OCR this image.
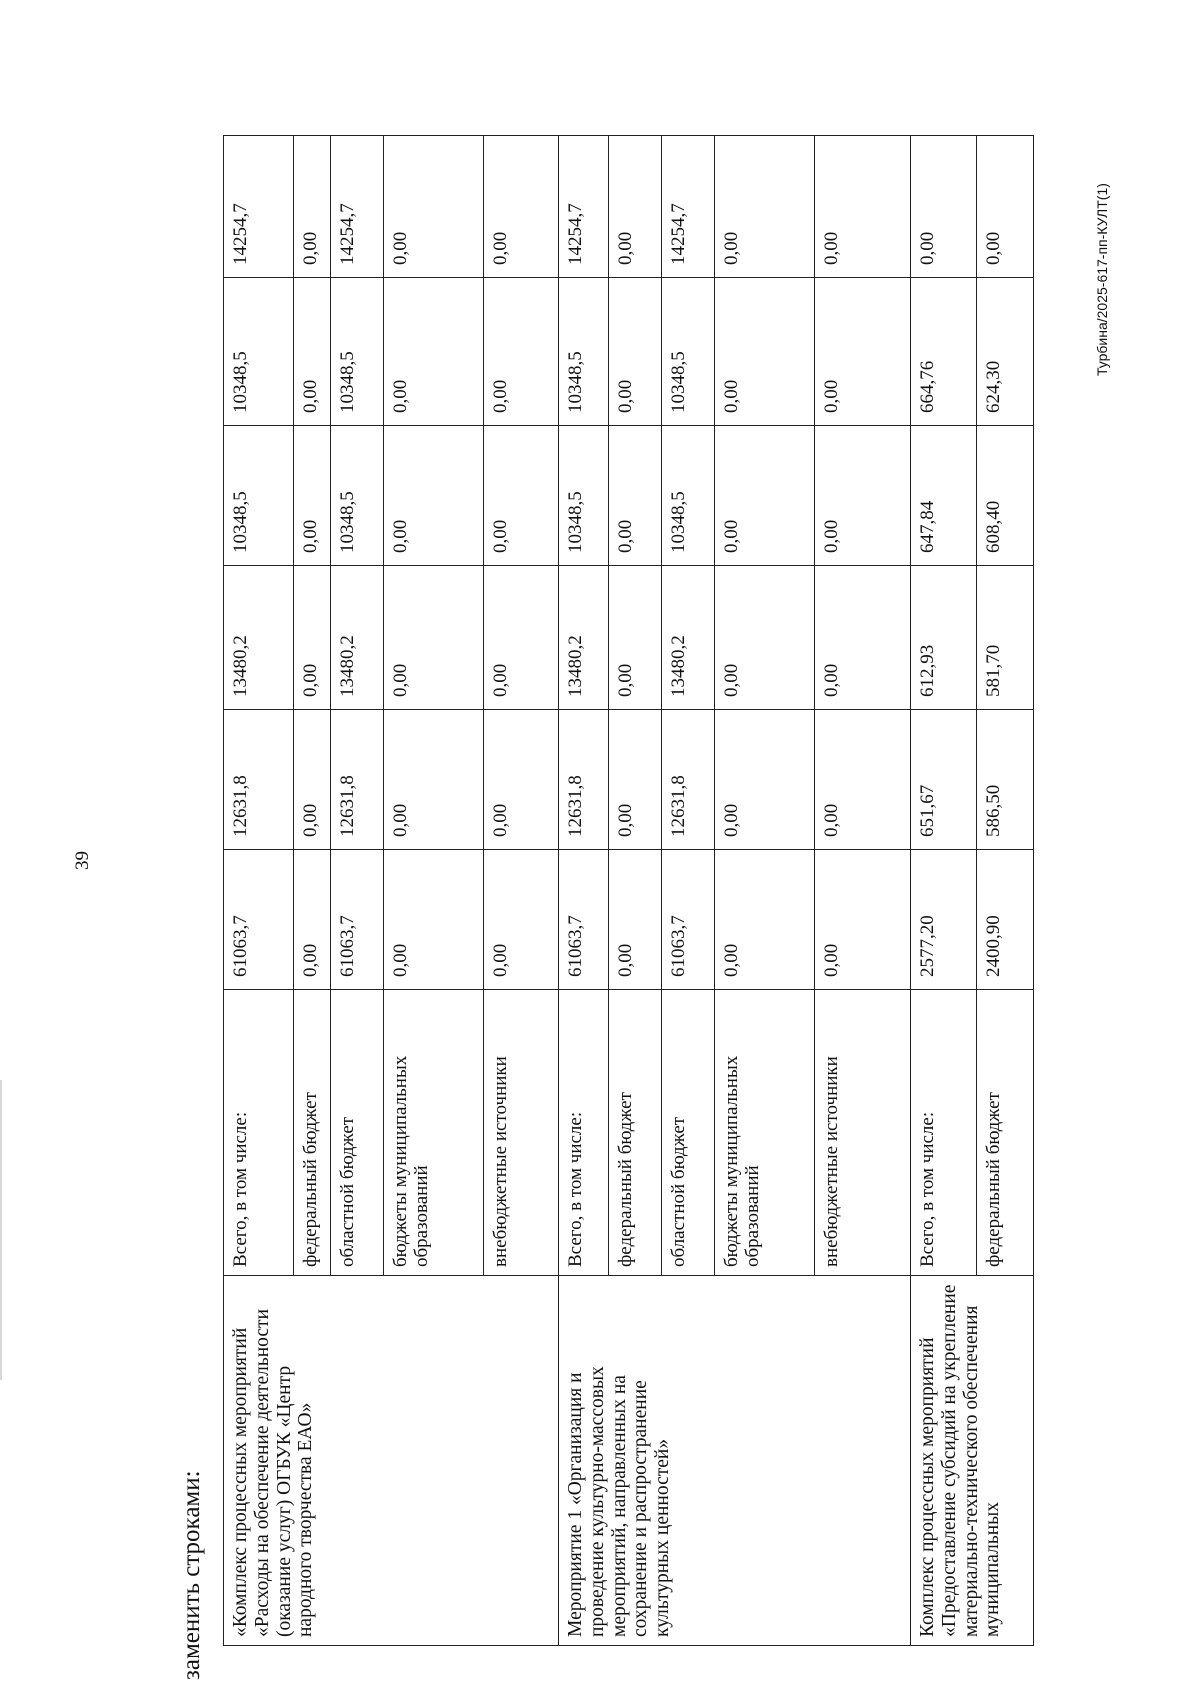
39
заменить строками: «Комплекс процессных мероприятий «Расходы на обеспечение деятельности (оказание услуг) ОГБУК «Центр народного творчества ЕАО»	Всего, в том числе:	61063,7	12631,8	13480,2	10348,5	10348,5	14254,7
	федеральный бюджет	0,00	0,00	0,00	0,00	0,00	0,00
	областной бюджет	61063,7	12631,8	13480,2	10348,5	10348,5	14254,7
	бюджеты муниципальных образований	0,00	0,00	0,00	0,00	0,00	0,00
	внебюджетные источники	0,00	0,00	0,00	0,00	0,00	0,00
Мероприятие 1 «Организация и проведение культурно-массовых мероприятий, направленных на сохранение и распространение культурных ценностей»	Всего, в том числе:	61063,7	12631,8	13480,2	10348,5	10348,5	14254,7
	федеральный бюджет	0,00	0,00	0,00	0,00	0,00	0,00
	областной бюджет	61063,7	12631,8	13480,2	10348,5	10348,5	14254,7
	бюджеты муниципальных образований	0,00	0,00	0,00	0,00	0,00	0,00
	внебюджетные источники	0,00	0,00	0,00	0,00	0,00	0,00
Комплекс процессных мероприятий «Предоставление субсидий на укрепление материально-технического обеспечения муниципальных	Всего, в том числе:	2577,20	651,67	612,93	647,84	664,76	0,00
	федеральный бюджет	2400,90	586,50	581,70	608,40	624,30	0,00	Турбина/2025-617-пп-КУЛТ(1)
